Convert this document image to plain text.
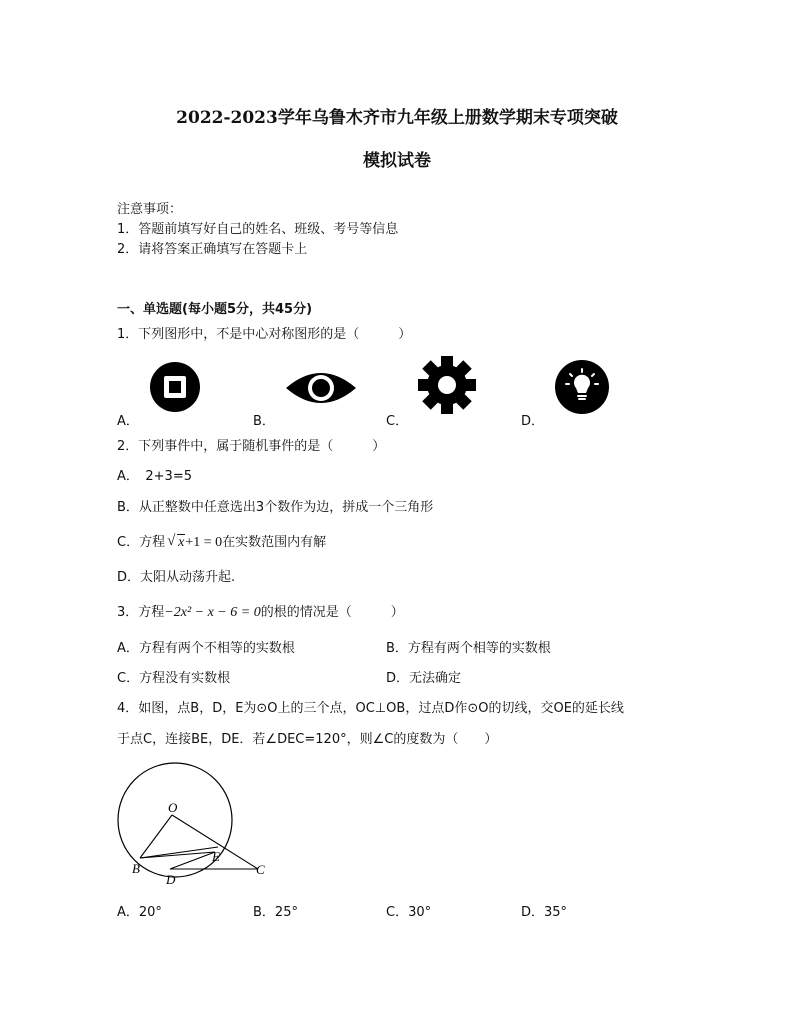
2022-2023学年乌鲁木齐市九年级上册数学期末专项突破
模拟试卷
注意事项：
1．答题前填写好自己的姓名、班级、考号等信息
2．请将答案正确填写在答题卡上
一、单选题(每小题5分，共45分)
1．下列图形中，不是中心对称图形的是（　　　）
A．	B．	C．	D．
2．下列事件中，属于随机事件的是（　　　）
A．　2+3=5
B．从正整数中任意选出3个数作为边，拼成一个三角形
C．方程 √ x+1 = 0在实数范围内有解
D．太阳从动荡升起.
3．方程−2x² − x − 6 = 0的根的情况是（　　　）
A．方程有两个不相等的实数根	B．方程有两个相等的实数根
C．方程没有实数根	D．无法确定
4．如图，点B，D，E为⊙O上的三个点，OC⊥OB，过点D作⊙O的切线，交OE的延长线
于点C，连接BE，DE．若∠DEC=120°，则∠C的度数为（　　）
O
B
D
E
C
A．20°	B．25°	C．30°	D．35°
